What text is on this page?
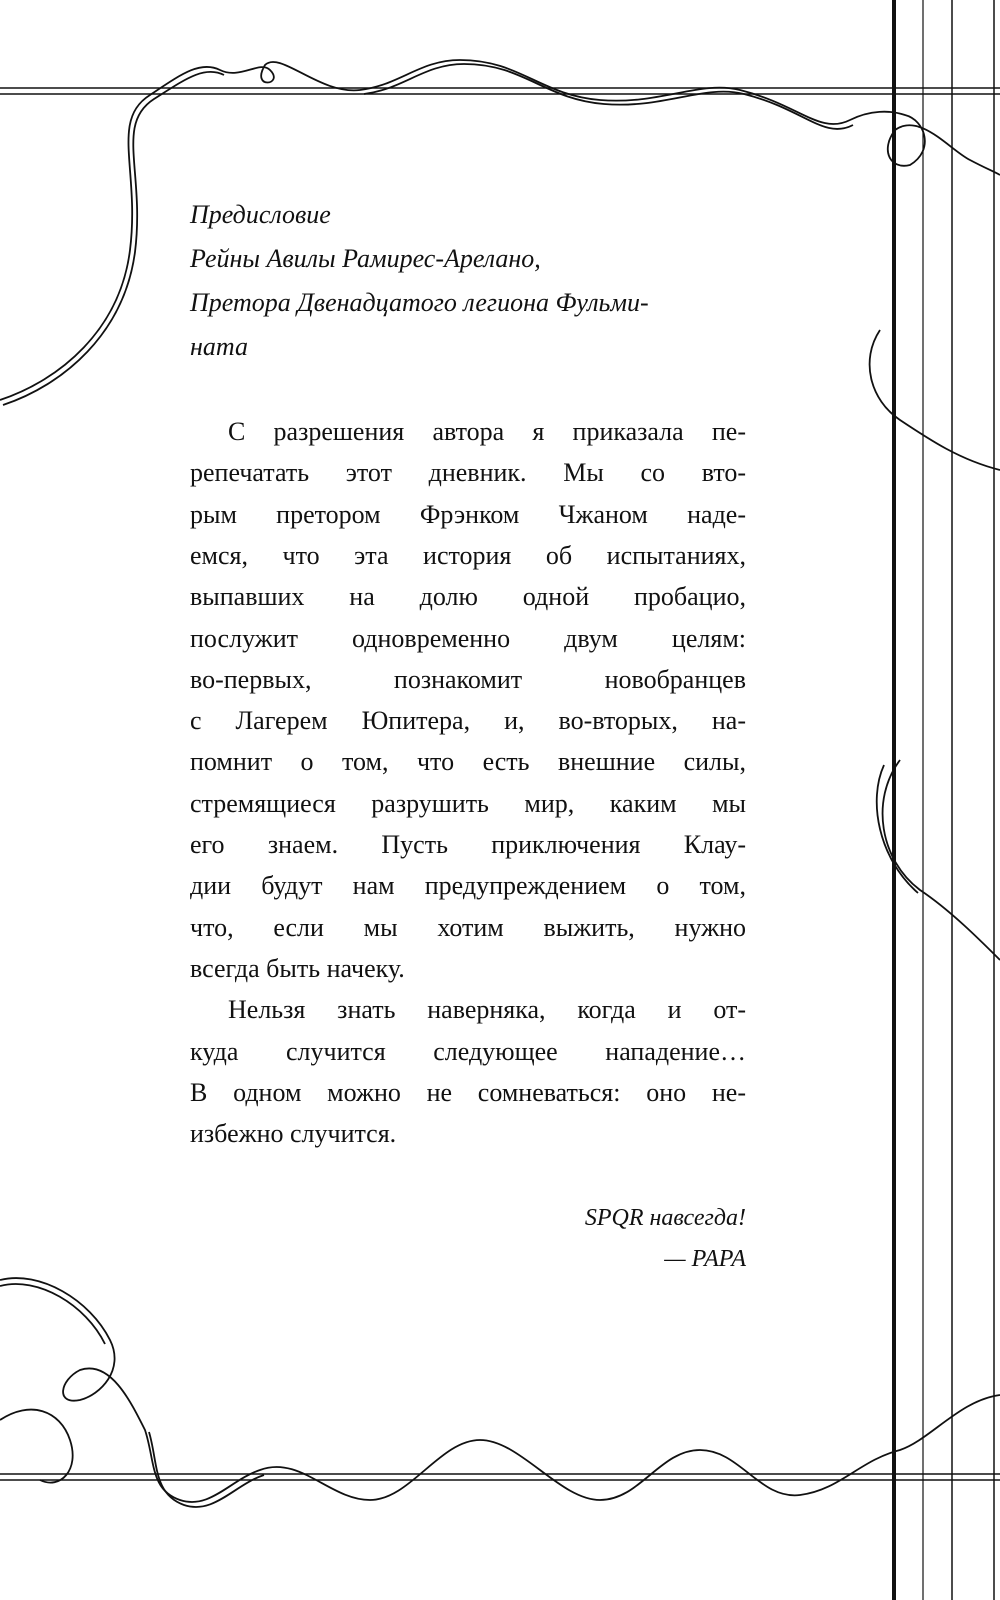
Предисловие
Рейны Авилы Рамирес-Арелано,
Претора Двенадцатого легиона Фульми-
ната
С разрешения автора я приказала пе-
репечатать этот дневник. Мы со вто-
рым претором Фрэнком Чжаном наде-
емся, что эта история об испытаниях,
выпавших на долю одной пробацио,
послужит одновременно двум целям:
во-первых, познакомит новобранцев
с Лагерем Юпитера, и, во-вторых, на-
помнит о том, что есть внешние силы,
стремящиеся разрушить мир, каким мы
его знаем. Пусть приключения Клау-
дии будут нам предупреждением о том,
что, если мы хотим выжить, нужно
всегда быть начеку.
Нельзя знать наверняка, когда и от-
куда случится следующее нападение…
В одном можно не сомневаться: оно не-
избежно случится.
SPQR навсегда!
— РАРА
